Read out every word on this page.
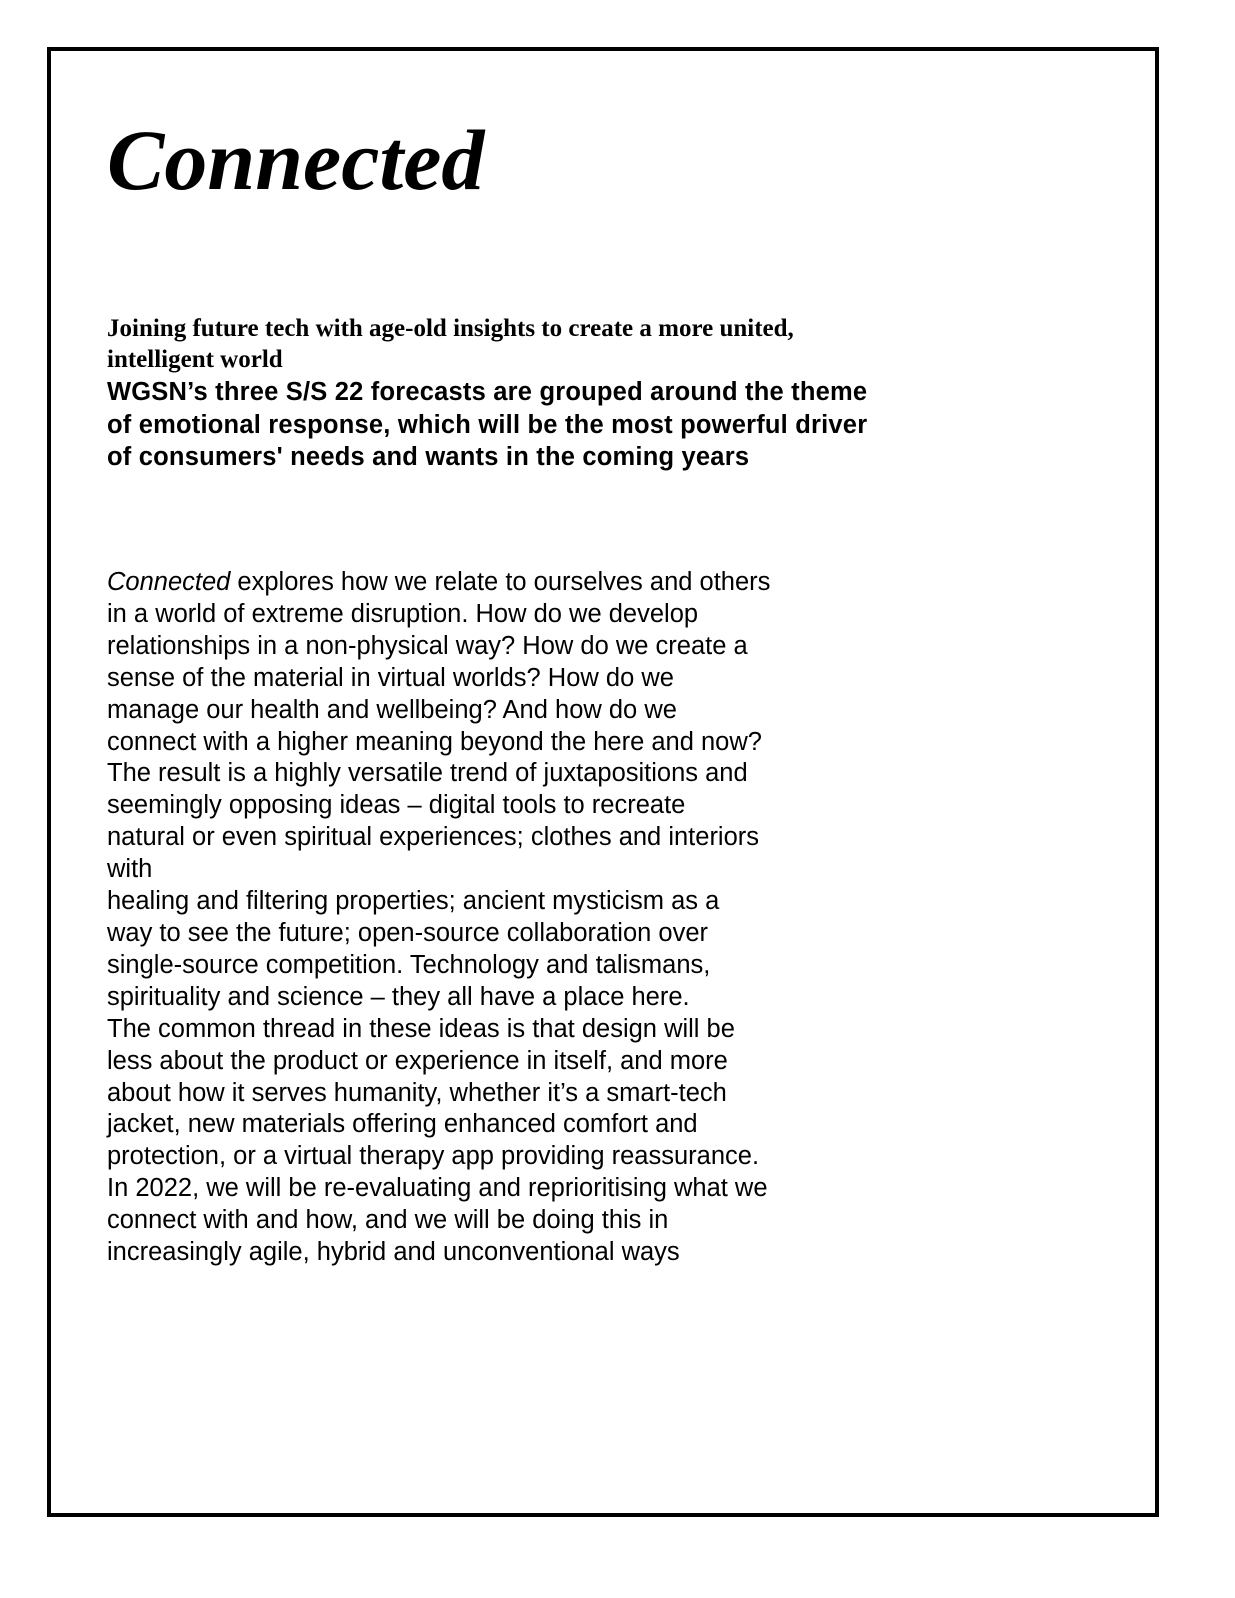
Connected

Joining future tech with age-old insights to create a more united, intelligent world

WGSN’s three S/S 22 forecasts are grouped around the theme of emotional response, which will be the most powerful driver of consumers' needs and wants in the coming years

Connected explores how we relate to ourselves and others
in a world of extreme disruption. How do we develop
relationships in a non-physical way? How do we create a
sense of the material in virtual worlds? How do we
manage our health and wellbeing? And how do we
connect with a higher meaning beyond the here and now?
The result is a highly versatile trend of juxtapositions and
seemingly opposing ideas – digital tools to recreate
natural or even spiritual experiences; clothes and interiors
with
healing and filtering properties; ancient mysticism as a
way to see the future; open-source collaboration over
single-source competition. Technology and talismans,
spirituality and science – they all have a place here.
The common thread in these ideas is that design will be
less about the product or experience in itself, and more
about how it serves humanity, whether it’s a smart-tech
jacket, new materials offering enhanced comfort and
protection, or a virtual therapy app providing reassurance.
In 2022, we will be re-evaluating and reprioritising what we
connect with and how, and we will be doing this in
increasingly agile, hybrid and unconventional ways
